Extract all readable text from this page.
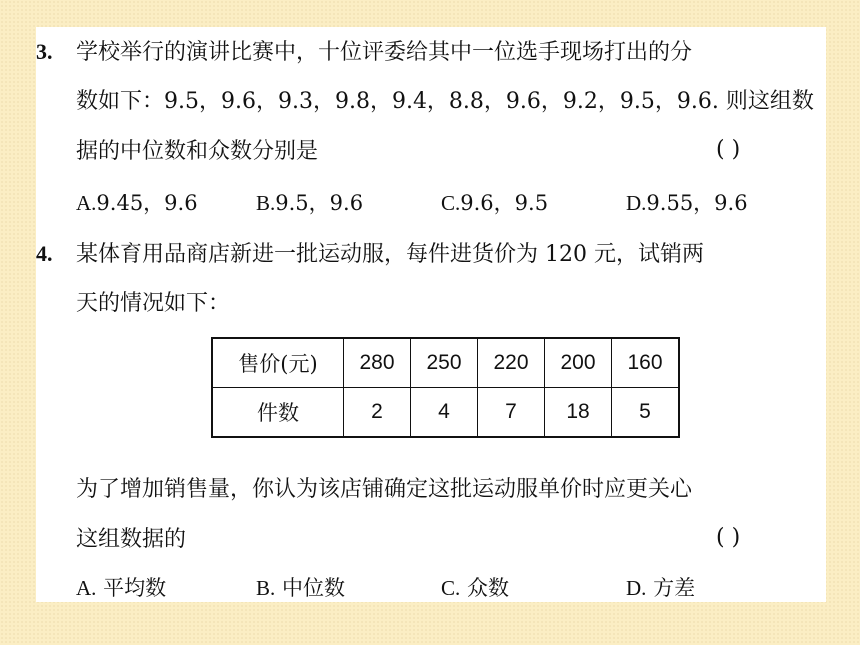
3. 学校举行的演讲比赛中，十位评委给其中一位选手现场打出的分
数如下：9.5，9.6，9.3，9.8，9.4，8.8，9.6，9.2，9.5，9.6. 则这组数
据的中位数和众数分别是	( )
A.9.45，9.6	B.9.5，9.6	C.9.6，9.5	D.9.55，9.6
4. 某体育用品商店新进一批运动服，每件进货价为 120 元，试销两
天的情况如下：
售价(元)	280	250	220	200	160
件数	2	4	7	18	5
为了增加销售量，你认为该店铺确定这批运动服单价时应更关心
这组数据的	( )
A. 平均数	B. 中位数	C. 众数	D. 方差
